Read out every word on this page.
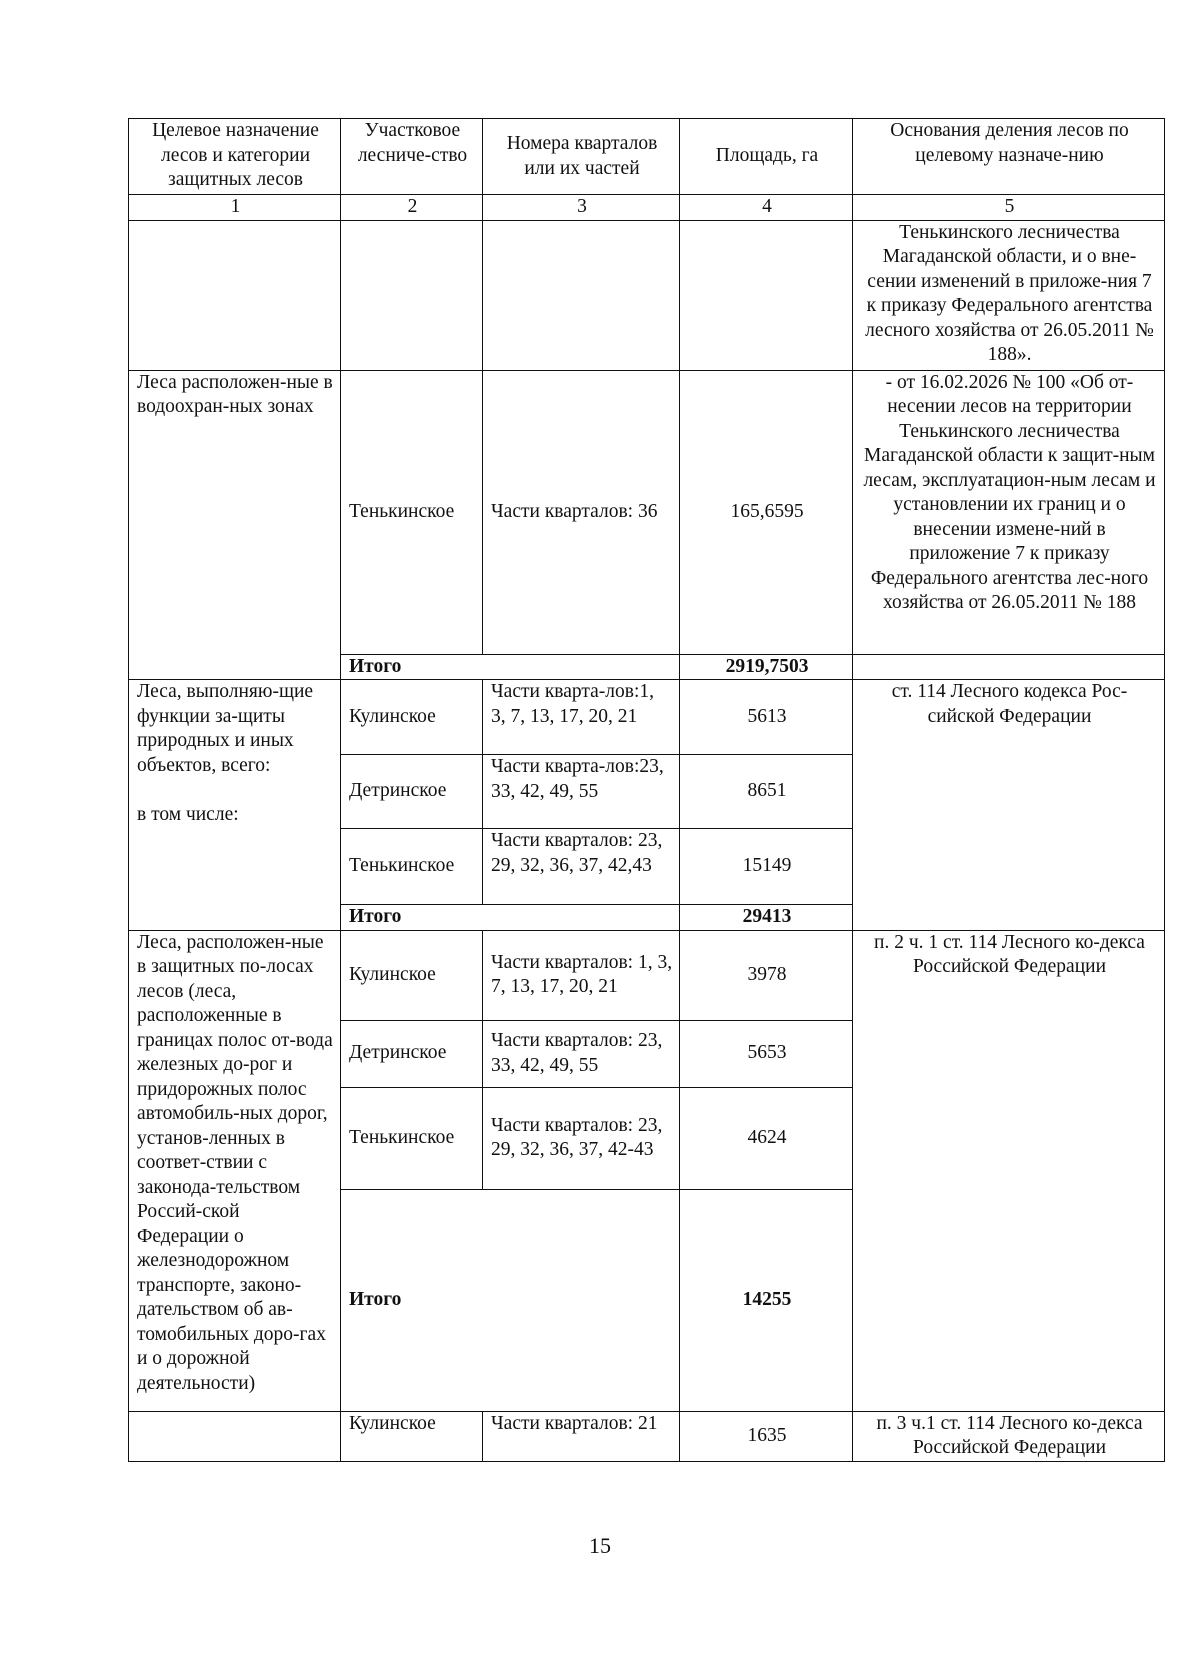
Целевое назначение лесов и категории защитных лесов	Участковое лесниче-ство	Номера кварталов или их частей	Площадь, га	Основания деления лесов по целевому назначе-нию
1	2	3	4	5
				Тенькинского лесничества Магаданской области, и о вне-сении изменений в приложе-ния 7 к приказу Федерального агентства лесного хозяйства от 26.05.2011 № 188».
Леса расположен-ные в водоохран-ных зонах	Тенькинское	Части кварталов: 36	165,6595	- от 16.02.2026 № 100 «Об от-несении лесов на территории Тенькинского лесничества Магаданской области к защит-ным лесам, эксплуатацион-ным лесам и установлении их границ и о внесении измене-ний в приложение 7 к приказу Федерального агентства лес-ного хозяйства от 26.05.2011 № 188
	Итого		2919,7503	
Леса, выполняю-щие функции за-щиты природных и иных объектов, всего:

в том числе:	Кулинское	Части кварта-лов:1, 3, 7, 13, 17, 20, 21	5613	ст. 114 Лесного кодекса Рос-сийской Федерации
	Детринское	Части кварта-лов:23, 33, 42, 49, 55	8651	
	Тенькинское	Части кварталов: 23, 29, 32, 36, 37, 42,43	15149	
	Итого		29413	
Леса, расположен-ные в защитных по-лосах лесов (леса, расположенные в границах полос от-вода железных до-рог и придорожных полос автомобиль-ных дорог, установ-ленных в соответ-ствии с законода-тельством Россий-ской Федерации о железнодорожном транспорте, законо-дательством об ав-томобильных доро-гах и о дорожной деятельности)	Кулинское	Части кварталов: 1, 3, 7, 13, 17, 20, 21	3978	п. 2 ч. 1 ст. 114 Лесного ко-декса Российской Федерации
	Детринское	Части кварталов: 23, 33, 42, 49, 55	5653	
	Тенькинское	Части кварталов: 23, 29, 32, 36, 37, 42-43	4624	
	Итого		14255	
	Кулинское	Части кварталов: 21	1635	п. 3 ч.1 ст. 114 Лесного ко-декса Российской Федерации
15
